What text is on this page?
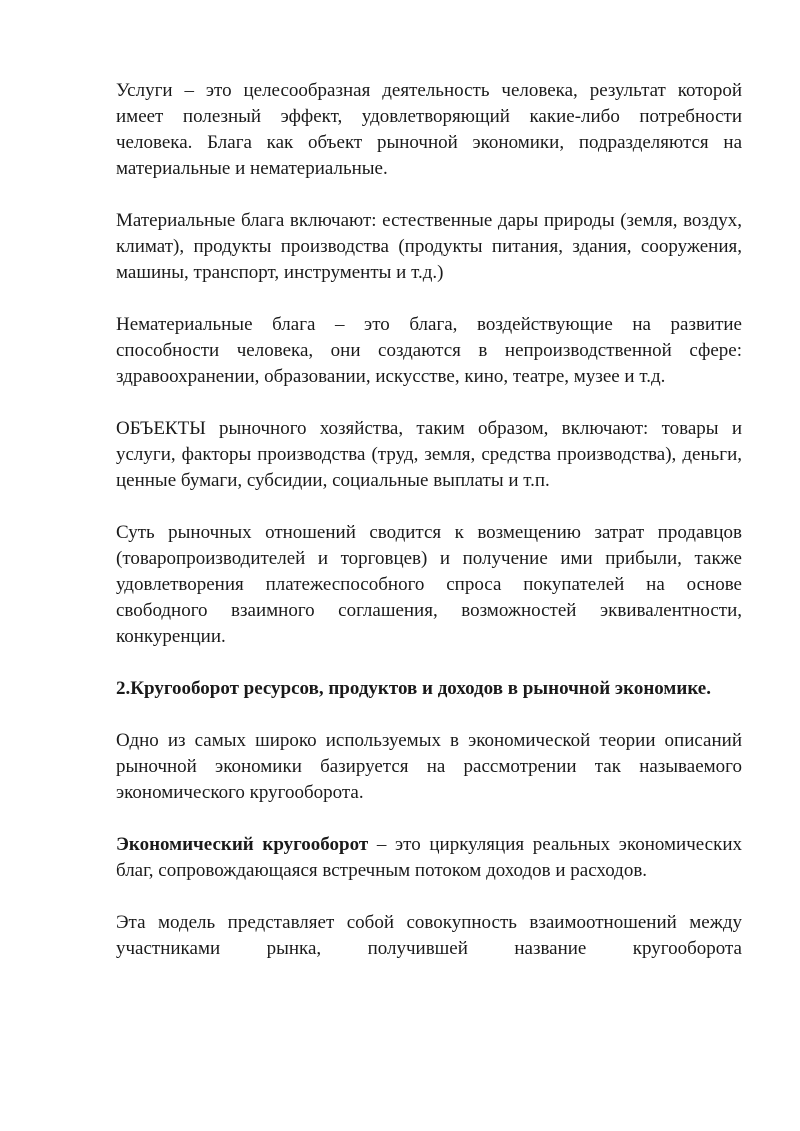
Услуги – это целесообразная деятельность человека, результат которой имеет полезный эффект, удовлетворяющий какие-либо потребности человека. Блага как объект рыночной экономики, подразделяются на материальные и нематериальные.

Материальные блага включают: естественные дары природы (земля, воздух, климат), продукты производства (продукты питания, здания, сооружения, машины, транспорт, инструменты и т.д.)

Нематериальные блага – это блага, воздействующие на развитие способности человека, они создаются в непроизводственной сфере: здравоохранении, образовании, искусстве, кино, театре, музее и т.д.

ОБЪЕКТЫ рыночного хозяйства, таким образом, включают: товары и услуги, факторы производства (труд, земля, средства производства), деньги, ценные бумаги, субсидии, социальные выплаты и т.п.

Суть рыночных отношений сводится к возмещению затрат продавцов (товаропроизводителей и торговцев) и получение ими прибыли, также удовлетворения платежеспособного спроса покупателей на основе свободного взаимного соглашения, возможностей эквивалентности, конкуренции.

2.Кругооборот ресурсов, продуктов и доходов в рыночной экономике.

Одно из самых широко используемых в экономической теории описаний рыночной экономики базируется на рассмотрении так называемого экономического кругооборота.

Экономический кругооборот – это циркуляция реальных экономических благ, сопровождающаяся встречным потоком доходов и расходов.

Эта модель представляет собой совокупность взаимоотношений между участниками рынка, получившей название кругооборота
